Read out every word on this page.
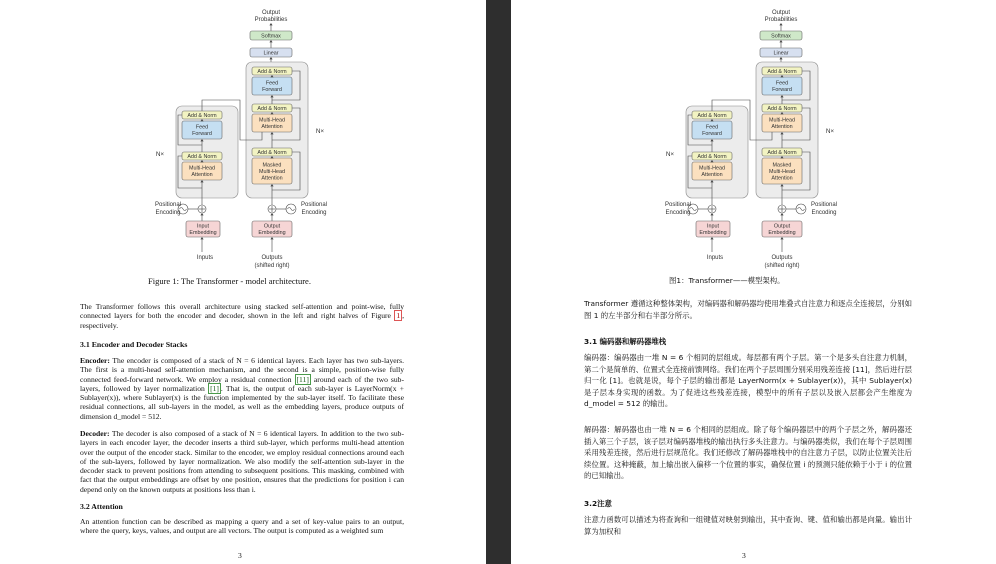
Output
Probabilities
Softmax
Linear
Add & Norm
Feed
Forward
Add & Norm
Multi-Head
Attention
Add & Norm
Masked
Multi-Head
Attention
Add & Norm
Feed
Forward
Add & Norm
Multi-Head
Attention
N×
N×
Positional
Encoding
Positional
Encoding
Input
Embedding
Output
Embedding
Inputs	Outputs
(shifted right)
Figure 1: The Transformer - model architecture.
The Transformer follows this overall architecture using stacked self-attention and point-wise, fully connected layers for both the encoder and decoder, shown in the left and right halves of Figure 1 , respectively.
3.1 Encoder and Decoder Stacks
Encoder: The encoder is composed of a stack of N = 6 identical layers. Each layer has two sub-layers. The first is a multi-head self-attention mechanism, and the second is a simple, position-wise fully connected feed-forward network. We employ a residual connection [11] around each of the two sub-layers, followed by layer normalization [1] . That is, the output of each sub-layer is LayerNorm(x + Sublayer(x)), where Sublayer(x) is the function implemented by the sub-layer itself. To facilitate these residual connections, all sub-layers in the model, as well as the embedding layers, produce outputs of dimension d_model = 512.
Decoder: The decoder is also composed of a stack of N = 6 identical layers. In addition to the two sub-layers in each encoder layer, the decoder inserts a third sub-layer, which performs multi-head attention over the output of the encoder stack. Similar to the encoder, we employ residual connections around each of the sub-layers, followed by layer normalization. We also modify the self-attention sub-layer in the decoder stack to prevent positions from attending to subsequent positions. This masking, combined with fact that the output embeddings are offset by one position, ensures that the predictions for position i can depend only on the known outputs at positions less than i.
3.2 Attention
An attention function can be described as mapping a query and a set of key-value pairs to an output, where the query, keys, values, and output are all vectors. The output is computed as a weighted sum
3
Output
Probabilities
Softmax
Linear
Add & Norm
Feed
Forward
Add & Norm
Multi-Head
Attention
Add & Norm
Masked
Multi-Head
Attention
Add & Norm
Feed
Forward
Add & Norm
Multi-Head
Attention
N×
N×
Positional
Encoding
Positional
Encoding
Input
Embedding
Output
Embedding
Inputs	Outputs
(shifted right)
图1：Transformer——模型架构。
Transformer 遵循这种整体架构，对编码器和解码器均使用堆叠式自注意力和逐点全连接层，分别如图 1 的左半部分和右半部分所示。
3.1 编码器和解码器堆栈
编码器：编码器由一堆 N = 6 个相同的层组成。每层都有两个子层。第一个是多头自注意力机制，第二个是简单的、位置式全连接前馈网络。我们在两个子层周围分别采用残差连接 [11]，然后进行层归一化 [1]。也就是说，每个子层的输出都是 LayerNorm(x + Sublayer(x))，其中 Sublayer(x) 是子层本身实现的函数。为了促进这些残差连接，模型中的所有子层以及嵌入层都会产生维度为 d_model = 512 的输出。
解码器：解码器也由一堆 N = 6 个相同的层组成。除了每个编码器层中的两个子层之外，解码器还插入第三个子层，该子层对编码器堆栈的输出执行多头注意力。与编码器类似，我们在每个子层周围采用残差连接，然后进行层规范化。我们还修改了解码器堆栈中的自注意力子层，以防止位置关注后续位置。这种掩蔽，加上输出嵌入偏移一个位置的事实，确保位置 i 的预测只能依赖于小于 i 的位置的已知输出。
3.2注意
注意力函数可以描述为将查询和一组键值对映射到输出，其中查询、键、值和输出都是向量。输出计算为加权和
3
